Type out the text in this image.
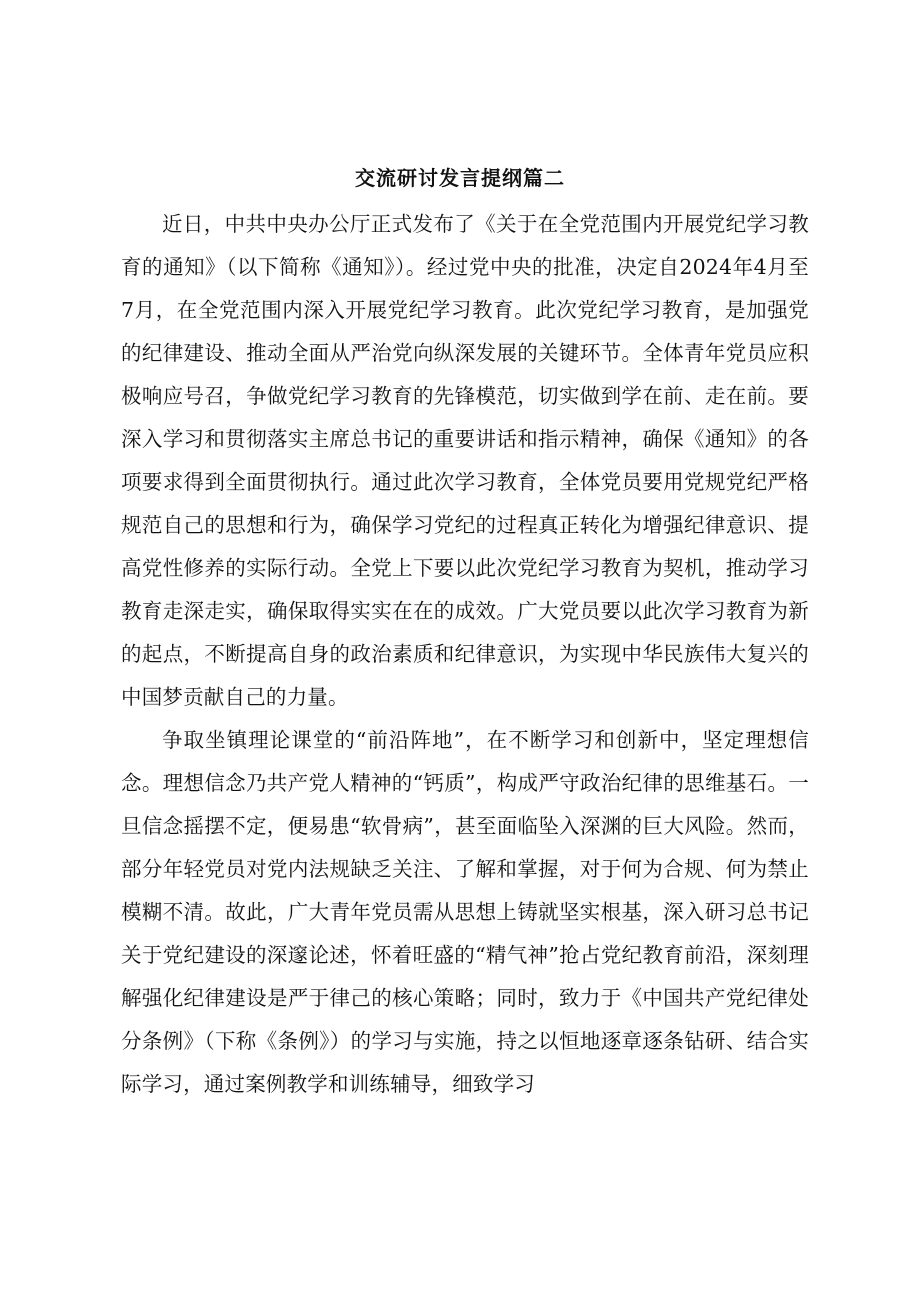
交流研讨发言提纲篇二

近日，中共中央办公厅正式发布了《关于在全党范围内开展党纪学习教育的通知》（以下简称《通知》）。经过党中央的批准，决定自2024年4月至7月，在全党范围内深入开展党纪学习教育。此次党纪学习教育，是加强党的纪律建设、推动全面从严治党向纵深发展的关键环节。全体青年党员应积极响应号召，争做党纪学习教育的先锋模范，切实做到学在前、走在前。要深入学习和贯彻落实主席总书记的重要讲话和指示精神，确保《通知》的各项要求得到全面贯彻执行。通过此次学习教育，全体党员要用党规党纪严格规范自己的思想和行为，确保学习党纪的过程真正转化为增强纪律意识、提高党性修养的实际行动。全党上下要以此次党纪学习教育为契机，推动学习教育走深走实，确保取得实实在在的成效。广大党员要以此次学习教育为新的起点，不断提高自身的政治素质和纪律意识，为实现中华民族伟大复兴的中国梦贡献自己的力量。

争取坐镇理论课堂的“前沿阵地”，在不断学习和创新中，坚定理想信念。理想信念乃共产党人精神的“钙质”，构成严守政治纪律的思维基石。一旦信念摇摆不定，便易患“软骨病”，甚至面临坠入深渊的巨大风险。然而，部分年轻党员对党内法规缺乏关注、了解和掌握，对于何为合规、何为禁止模糊不清。故此，广大青年党员需从思想上铸就坚实根基，深入研习总书记关于党纪建设的深邃论述，怀着旺盛的“精气神”抢占党纪教育前沿，深刻理解强化纪律建设是严于律己的核心策略；同时，致力于《中国共产党纪律处分条例》（下称《条例》）的学习与实施，持之以恒地逐章逐条钻研、结合实际学习，通过案例教学和训练辅导，细致学习
